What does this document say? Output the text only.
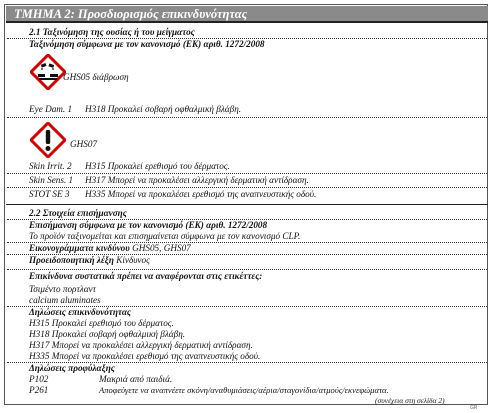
ΤΜΗΜΑ 2: Προσδιορισμός επικινδυνότητας
2.1 Ταξινόμηση της ουσίας ή του μείγματος
Ταξινόμηση σύμφωνα με τον κανονισμό (ΕΚ) αριθ. 1272/2008
GHS05 διάβρωση
Eye Dam. 1 H318 Προκαλεί σοβαρή οφθαλμική βλάβη.
GHS07
Skin Irrit. 2 H315 Προκαλεί ερεθισμό του δέρματος.
Skin Sens. 1 H317 Μπορεί να προκαλέσει αλλεργική δερματική αντίδραση.
STOT SE 3 H335 Μπορεί να προκαλέσει ερεθισμό της αναπνευστικής οδού.
2.2 Στοιχεία επισήμανσης
Επισήμανση σύμφωνα με τον κανονισμό (ΕΚ) αριθ. 1272/2008
Το προϊόν ταξινομείται και επισημαίνεται σύμφωνα με τον κανονισμό CLP.
Εικονογράμματα κινδύνου GHS05, GHS07
Προειδοποιητική λέξη Κίνδυνος
Επικίνδυνα συστατικά πρέπει να αναφέρονται στις ετικέττες:
Τσιμέντο πορτλαντ
calcium aluminates
Δηλώσεις επικινδυνότητας
H315 Προκαλεί ερεθισμό του δέρματος.
H318 Προκαλεί σοβαρή οφθαλμική βλάβη.
H317 Μπορεί να προκαλέσει αλλεργική δερματική αντίδραση.
H335 Μπορεί να προκαλέσει ερεθισμό της αναπνευστικής οδού.
Δηλώσεις προφύλαξης
P102	Μακριά από παιδιά.
P261	Αποφεύγετε να αναπνέετε σκόνη/αναθυμιάσεις/αέρια/σταγονίδια/ατμούς/εκνεφώματα.
(συνέχεια στη σελίδα 2)
GR
